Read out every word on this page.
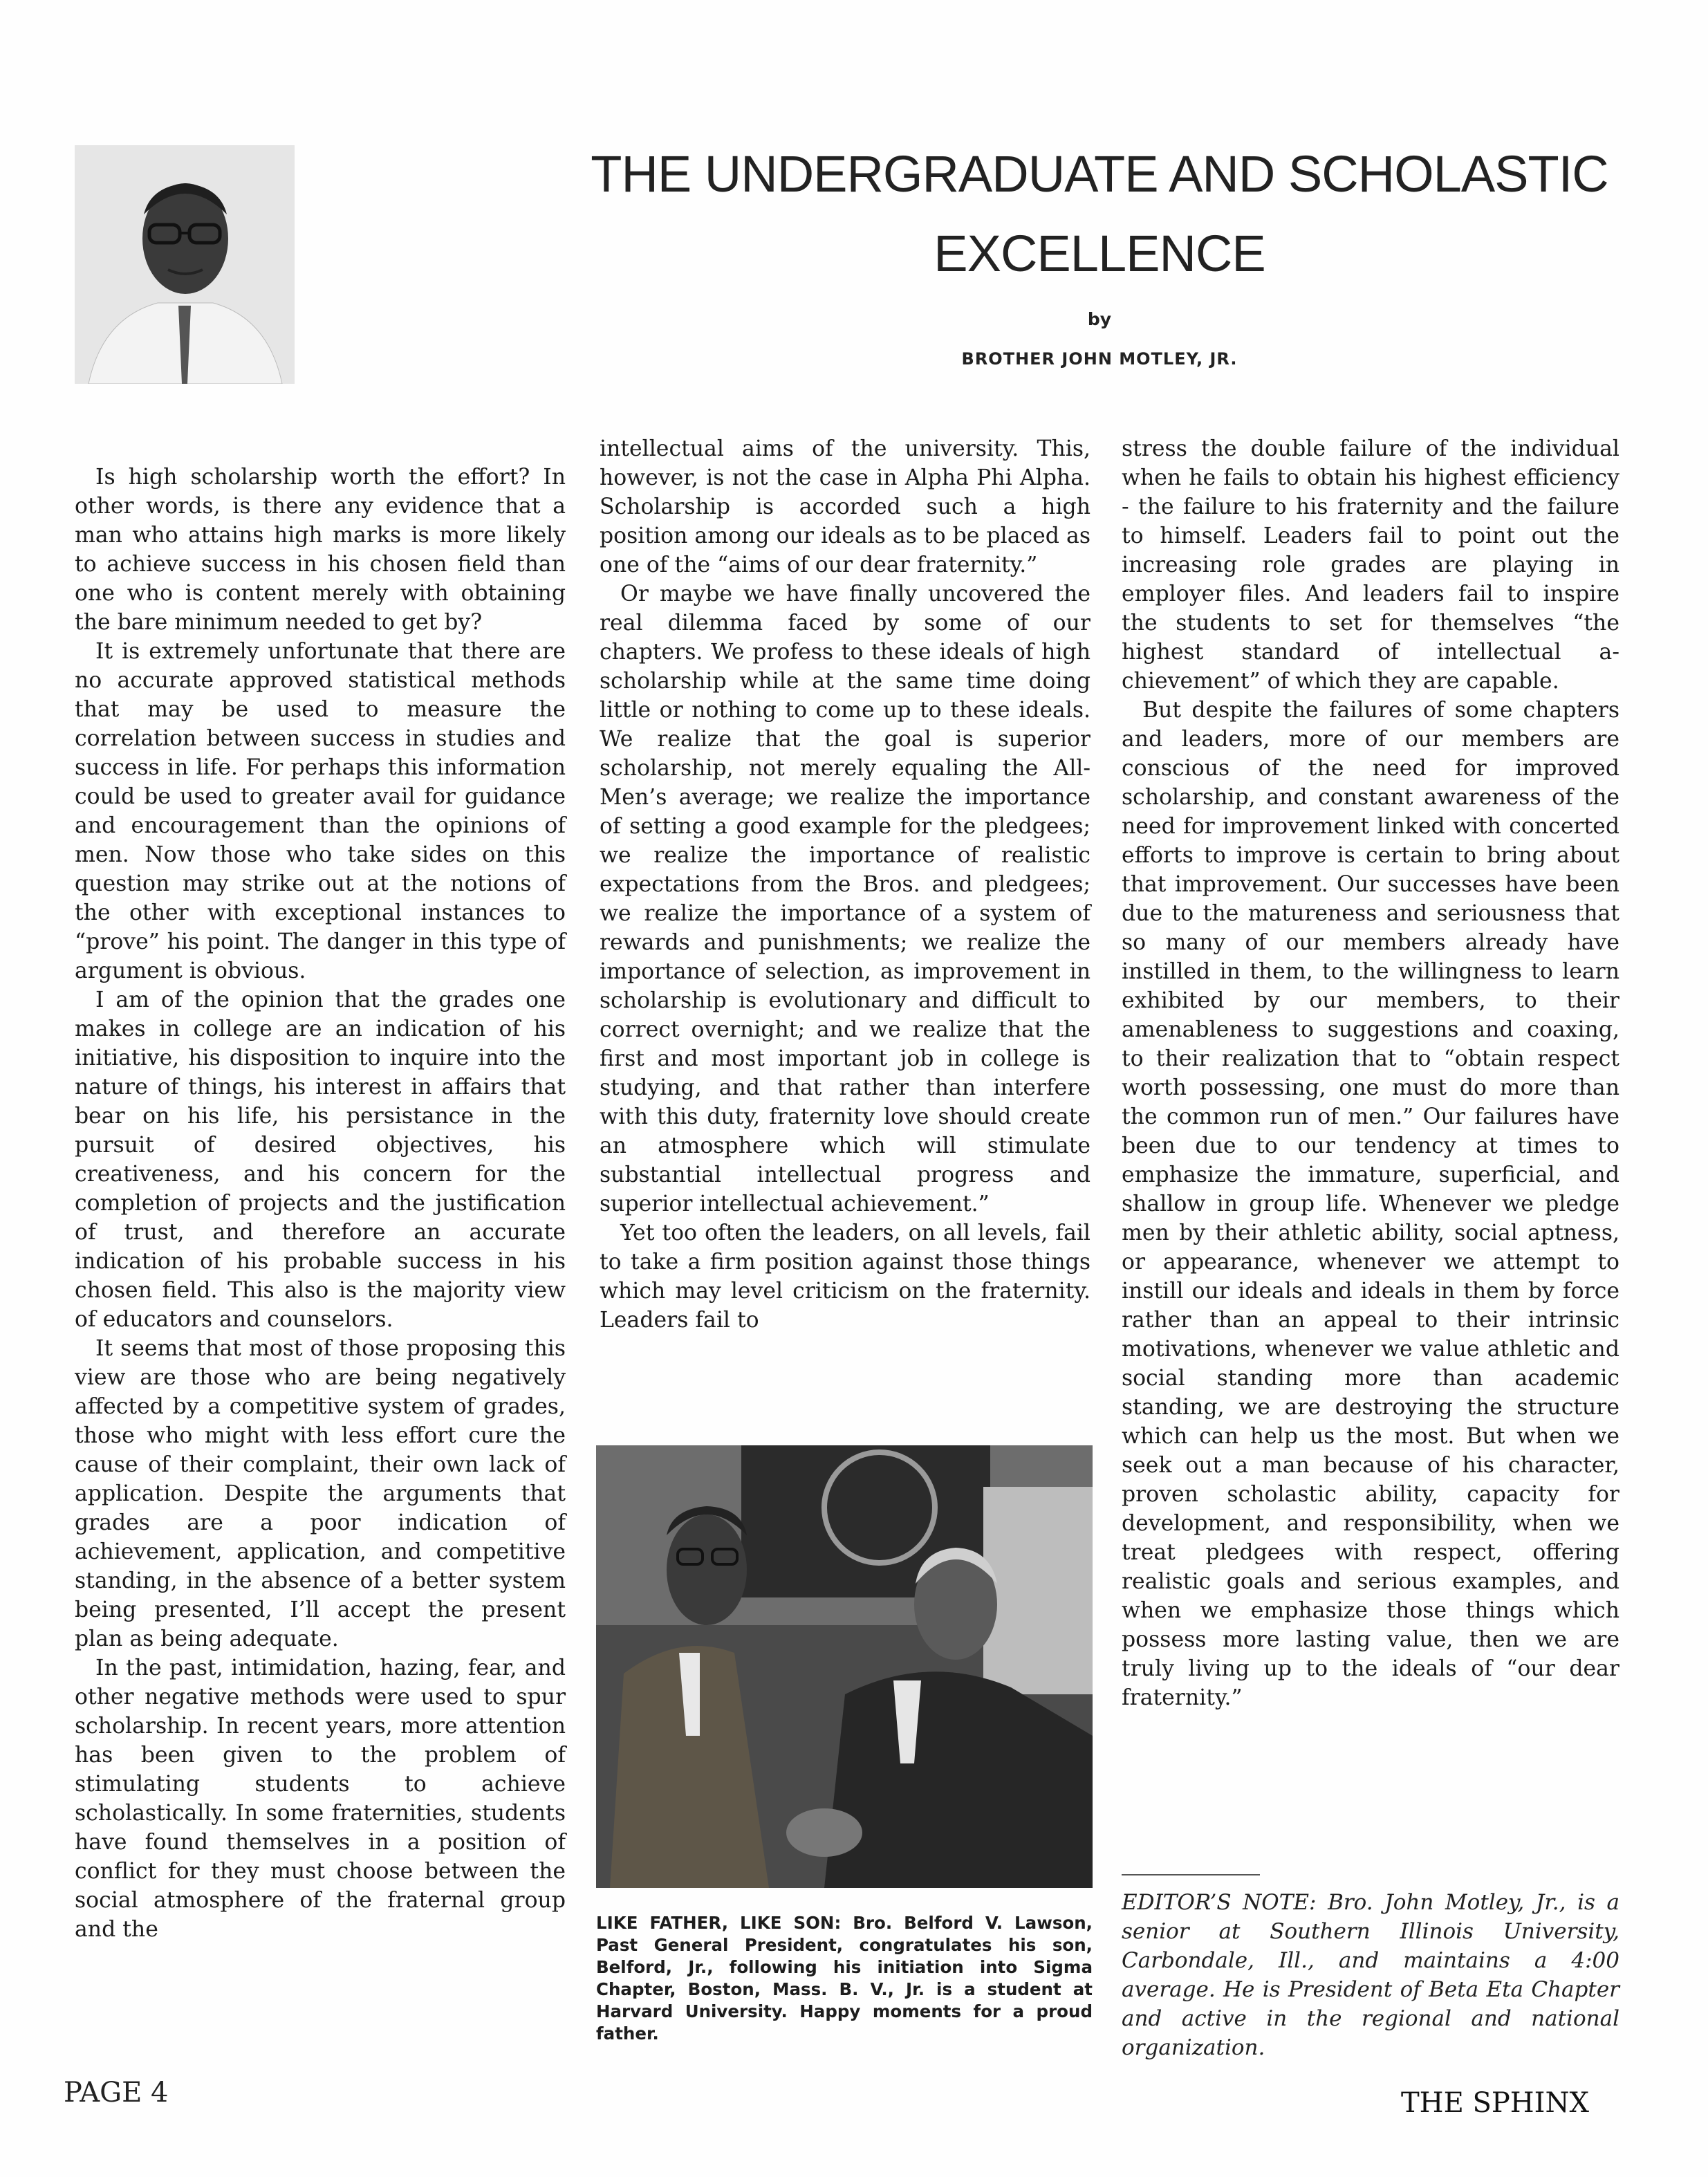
THE UNDERGRADUATE AND SCHOLASTIC
EXCELLENCE
by
BROTHER JOHN MOTLEY, JR.

Is high scholarship worth the effort? In other words, is there any evidence that a man who attains high marks is more likely to achieve success in his chosen field than one who is content merely with obtaining the bare minimum needed to get by?

It is extremely unfortunate that there are no accurate approved statistical methods that may be used to measure the correlation between success in studies and success in life. For perhaps this information could be used to greater avail for guidance and encouragement than the opinions of men. Now those who take sides on this question may strike out at the notions of the other with exceptional instances to “prove” his point. The danger in this type of argument is obvious.

I am of the opinion that the grades one makes in college are an indication of his initiative, his disposition to inquire into the nature of things, his interest in affairs that bear on his life, his persistance in the pursuit of desired objectives, his creativeness, and his concern for the completion of projects and the justification of trust, and therefore an accurate indication of his probable success in his chosen field. This also is the majority view of educators and counselors.

It seems that most of those proposing this view are those who are being negatively affected by a competitive system of grades, those who might with less effort cure the cause of their complaint, their own lack of application. Despite the arguments that grades are a poor indication of achievement, application, and competitive standing, in the absence of a better system being presented, I’ll accept the present plan as being adequate.

In the past, intimidation, hazing, fear, and other negative methods were used to spur scholarship. In recent years, more attention has been given to the problem of stimulating students to achieve scholastically. In some fraternities, students have found themselves in a position of conflict for they must choose between the social atmosphere of the fraternal group and the

intellectual aims of the university. This, however, is not the case in Alpha Phi Alpha. Scholarship is accorded such a high position among our ideals as to be placed as one of the “aims of our dear fraternity.”

Or maybe we have finally uncovered the real dilemma faced by some of our chapters. We profess to these ideals of high scholarship while at the same time doing little or nothing to come up to these ideals. We realize that the goal is superior scholarship, not merely equaling the All-Men’s average; we realize the importance of setting a good example for the pledgees; we realize the importance of realistic expectations from the Bros. and pledgees; we realize the importance of a system of rewards and punishments; we realize the importance of selection, as improvement in scholarship is evolutionary and difficult to correct overnight; and we realize that the first and most important job in college is studying, and that rather than interfere with this duty, fraternity love should create an atmosphere which will stimulate substantial intellectual progress and superior intellectual achievement.”

Yet too often the leaders, on all levels, fail to take a firm position against those things which may level criticism on the fraternity. Leaders fail to

LIKE FATHER, LIKE SON: Bro. Belford V. Lawson, Past General President, congratulates his son, Belford, Jr., following his initiation into Sigma Chapter, Boston, Mass. B. V., Jr. is a student at Harvard University. Happy moments for a proud father.

stress the double failure of the individual when he fails to obtain his highest efficiency - the failure to his fraternity and the failure to himself. Leaders fail to point out the increasing role grades are playing in employer files. And leaders fail to inspire the students to set for themselves “the highest standard of intellectual achievement” of which they are capable.

But despite the failures of some chapters and leaders, more of our members are conscious of the need for improved scholarship, and constant awareness of the need for improvement linked with concerted efforts to improve is certain to bring about that improvement. Our successes have been due to the matureness and seriousness that so many of our members already have instilled in them, to the willingness to learn exhibited by our members, to their amenableness to suggestions and coaxing, to their realization that to “obtain respect worth possessing, one must do more than the common run of men.” Our failures have been due to our tendency at times to emphasize the immature, superficial, and shallow in group life. Whenever we pledge men by their athletic ability, social aptness, or appearance, whenever we attempt to instill our ideals and ideals in them by force rather than an appeal to their intrinsic motivations, whenever we value athletic and social standing more than academic standing, we are destroying the structure which can help us the most. But when we seek out a man because of his character, proven scholastic ability, capacity for development, and responsibility, when we treat pledgees with respect, offering realistic goals and serious examples, and when we emphasize those things which possess more lasting value, then we are truly living up to the ideals of “our dear fraternity.”

EDITOR’S NOTE: Bro. John Motley, Jr., is a senior at Southern Illinois University, Carbondale, Ill., and maintains a 4:00 average. He is President of Beta Eta Chapter and active in the regional and national organization.

PAGE 4	THE SPHINX
